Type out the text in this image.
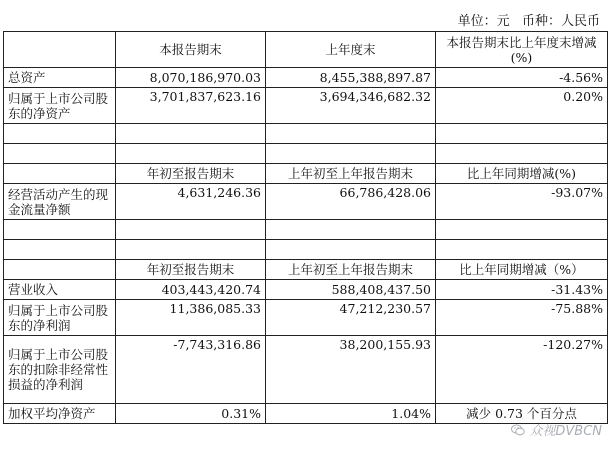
单位：元   币种：人民币
	本报告期末	上年度末	本报告期末比上年度末增减(%)
总资产	8,070,186,970.03	8,455,388,897.87	-4.56%
归属于上市公司股东的净资产	3,701,837,623.16	3,694,346,682.32	0.20%

	年初至报告期末	上年初至上年报告期末	比上年同期增减(%)
经营活动产生的现金流量净额	4,631,246.36	66,786,428.06	-93.07%

	年初至报告期末	上年初至上年报告期末	比上年同期增减（%）
营业收入	403,443,420.74	588,408,437.50	-31.43%
归属于上市公司股东的净利润	11,386,085.33	47,212,230.57	-75.88%
归属于上市公司股东的扣除非经常性损益的净利润	-7,743,316.86	38,200,155.93	-120.27%
加权平均净资产	0.31%	1.04%	减少 0.73 个百分点
众视DVBCN
